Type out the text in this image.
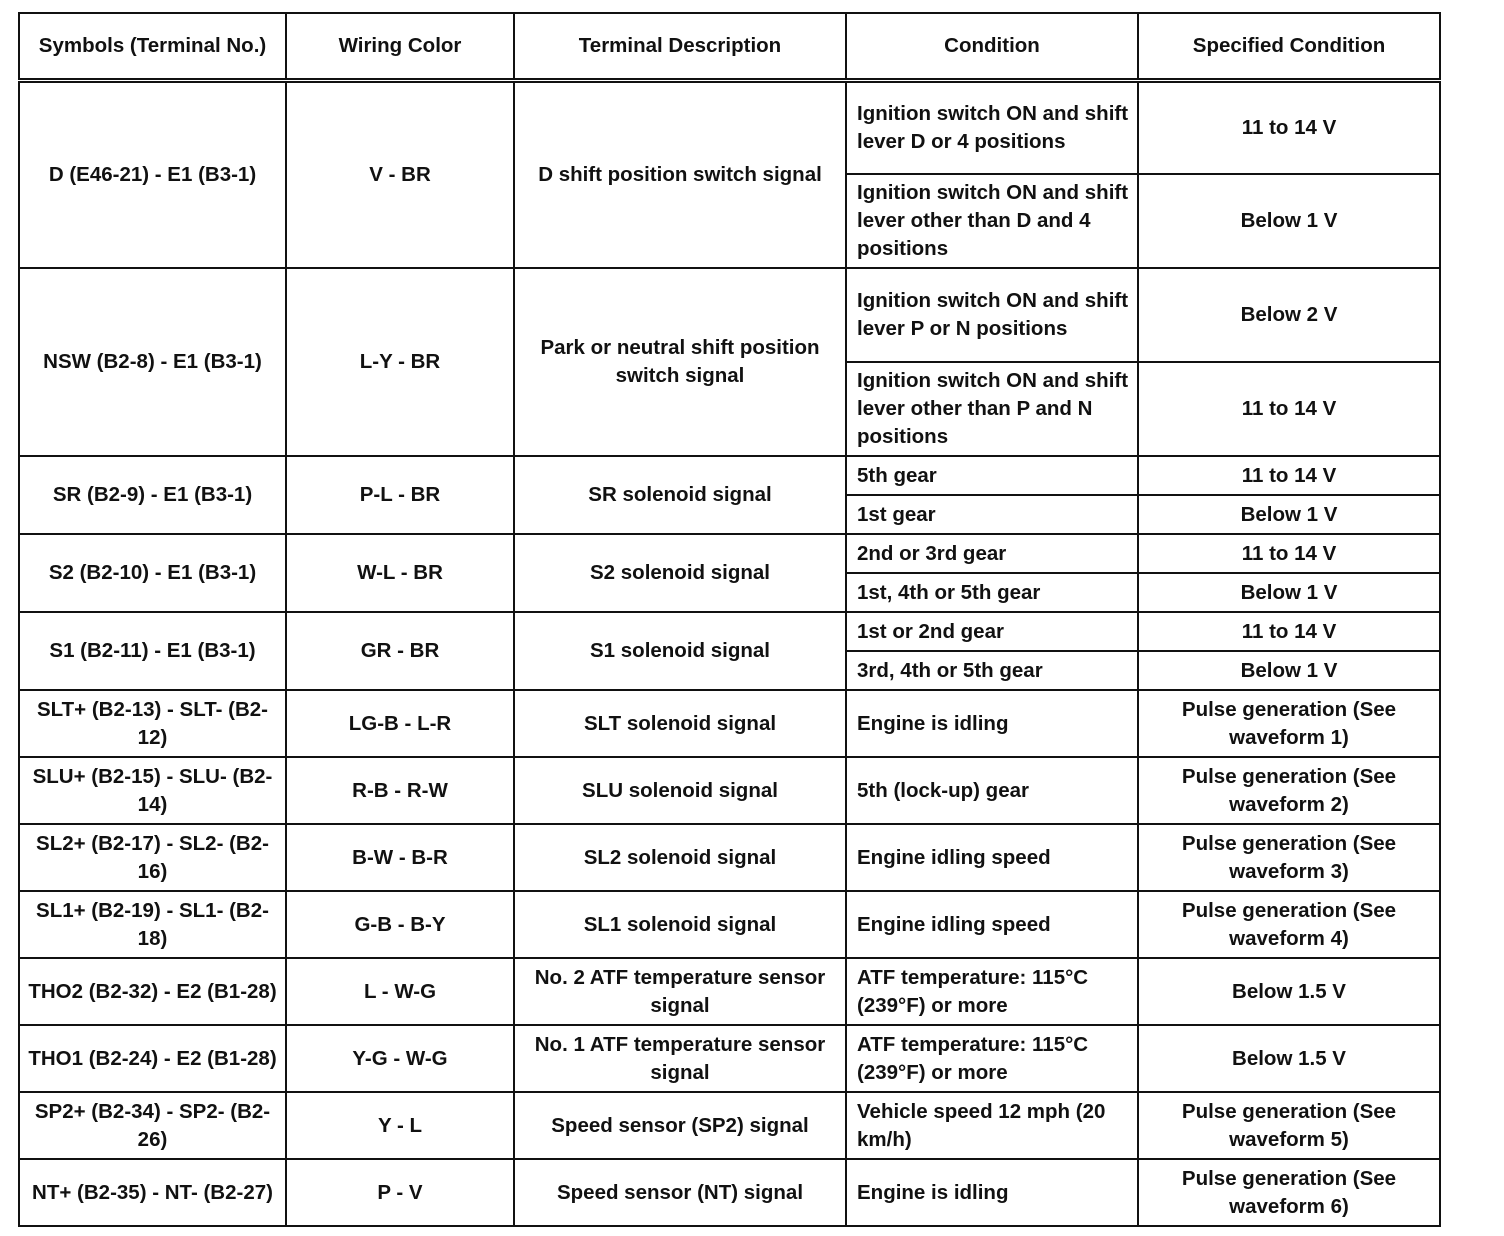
Symbols (Terminal No.)	Wiring Color	Terminal Description	Condition	Specified Condition
D (E46-21) - E1 (B3-1)	V - BR	D shift position switch signal	Ignition switch ON and shift lever D or 4 positions	11 to 14 V
			Ignition switch ON and shift lever other than D and 4 positions	Below 1 V
NSW (B2-8) - E1 (B3-1)	L-Y - BR	Park or neutral shift position switch signal	Ignition switch ON and shift lever P or N positions	Below 2 V
			Ignition switch ON and shift lever other than P and N positions	11 to 14 V
SR (B2-9) - E1 (B3-1)	P-L - BR	SR solenoid signal	5th gear	11 to 14 V
			1st gear	Below 1 V
S2 (B2-10) - E1 (B3-1)	W-L - BR	S2 solenoid signal	2nd or 3rd gear	11 to 14 V
			1st, 4th or 5th gear	Below 1 V
S1 (B2-11) - E1 (B3-1)	GR - BR	S1 solenoid signal	1st or 2nd gear	11 to 14 V
			3rd, 4th or 5th gear	Below 1 V
SLT+ (B2-13) - SLT- (B2-12)	LG-B - L-R	SLT solenoid signal	Engine is idling	Pulse generation (See waveform 1)
SLU+ (B2-15) - SLU- (B2-14)	R-B - R-W	SLU solenoid signal	5th (lock-up) gear	Pulse generation (See waveform 2)
SL2+ (B2-17) - SL2- (B2-16)	B-W - B-R	SL2 solenoid signal	Engine idling speed	Pulse generation (See waveform 3)
SL1+ (B2-19) - SL1- (B2-18)	G-B - B-Y	SL1 solenoid signal	Engine idling speed	Pulse generation (See waveform 4)
THO2 (B2-32) - E2 (B1-28)	L - W-G	No. 2 ATF temperature sensor signal	ATF temperature: 115°C (239°F) or more	Below 1.5 V
THO1 (B2-24) - E2 (B1-28)	Y-G - W-G	No. 1 ATF temperature sensor signal	ATF temperature: 115°C (239°F) or more	Below 1.5 V
SP2+ (B2-34) - SP2- (B2-26)	Y - L	Speed sensor (SP2) signal	Vehicle speed 12 mph (20 km/h)	Pulse generation (See waveform 5)
NT+ (B2-35) - NT- (B2-27)	P - V	Speed sensor (NT) signal	Engine is idling	Pulse generation (See waveform 6)
